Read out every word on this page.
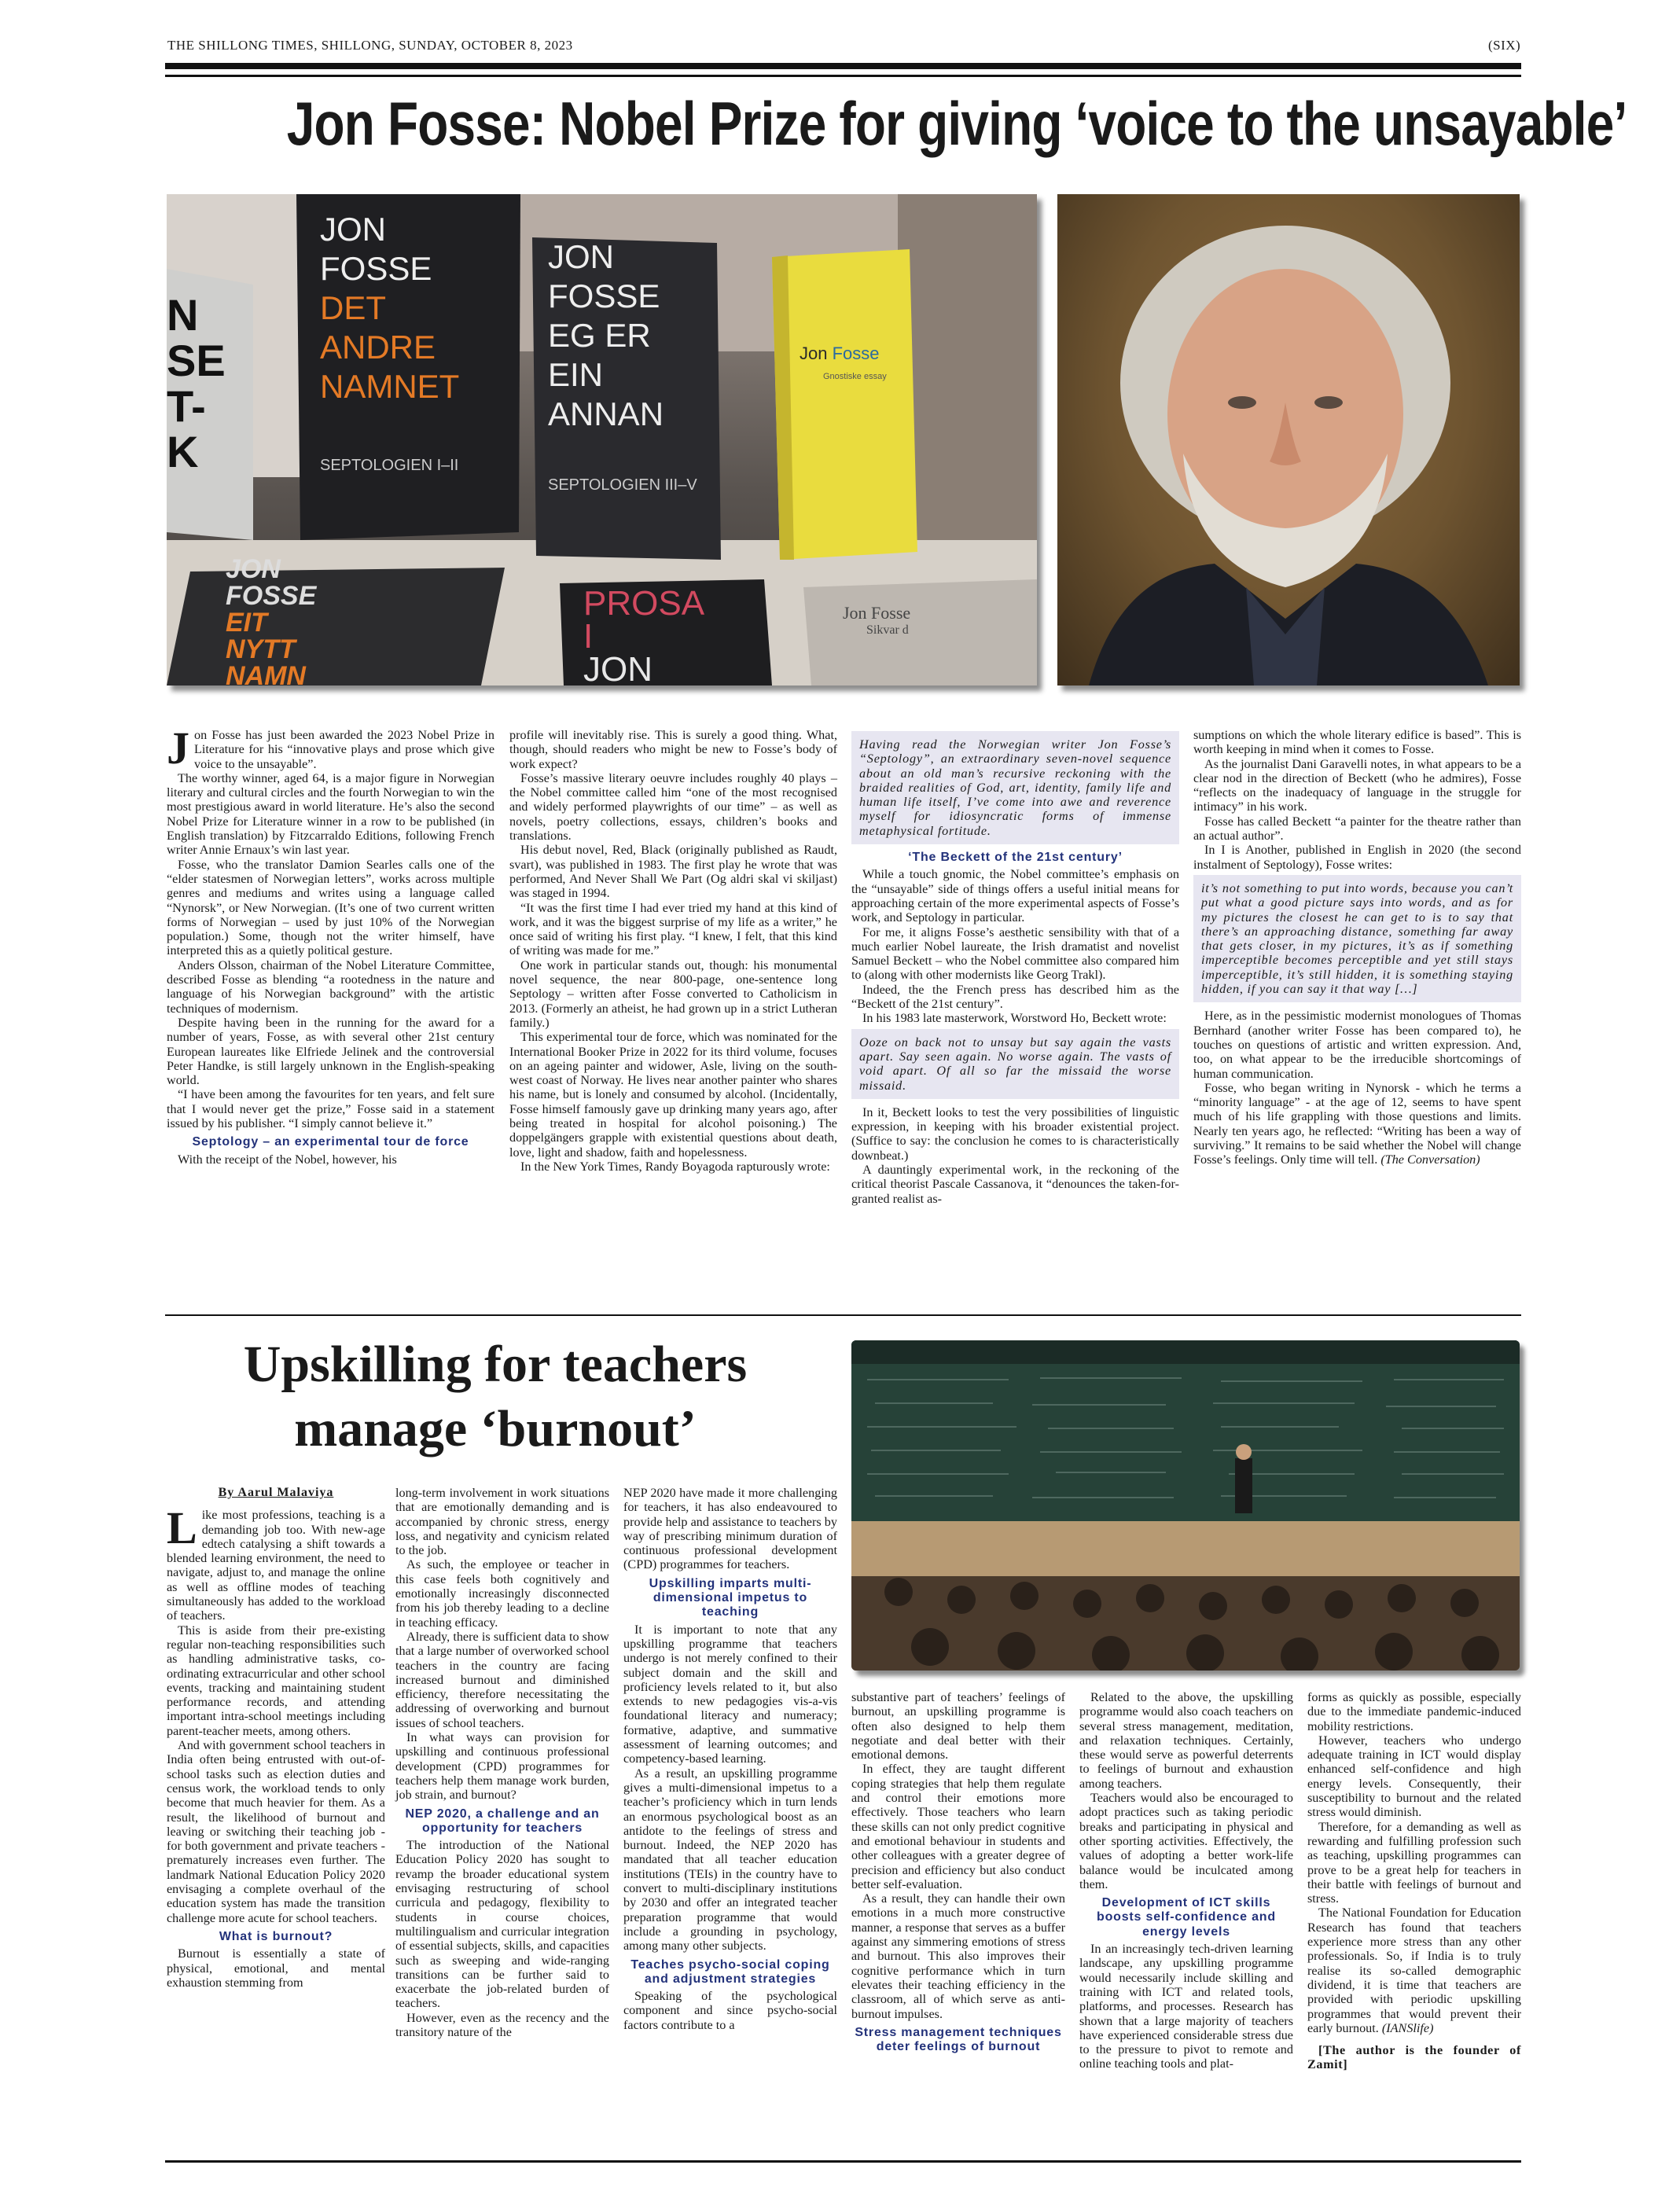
THE SHILLONG TIMES, SHILLONG, SUNDAY, OCTOBER 8, 2023	(SIX)
Jon Fosse: Nobel Prize for giving ‘voice to the unsayable’
N
SE
T-
K
JON
FOSSE
DET
ANDRE
NAMNET
SEPTOLOGIEN I–II
JON
FOSSE
EG ER
EIN
ANNAN
SEPTOLOGIEN III–V
Jon Fosse
Gnostiske essay
JON
FOSSE
EIT
NYTT
NAMN
PROSA
I
JON
Jon Fosse
Sikvar d

Jon Fosse has just been awarded the 2023 Nobel Prize in Literature for his “innovative plays and prose which give voice to the unsayable”.

The worthy winner, aged 64, is a major figure in Norwegian literary and cultural circles and the fourth Norwegian to win the most prestigious award in world literature. He’s also the second Nobel Prize for Literature winner in a row to be published (in English translation) by Fitzcarraldo Editions, following French writer Annie Ernaux’s win last year.

Fosse, who the translator Damion Searles calls one of the “elder statesmen of Norwegian letters”, works across multiple genres and mediums and writes using a language called “Nynorsk”, or New Norwegian. (It’s one of two current written forms of Norwegian – used by just 10% of the Norwegian population.) Some, though not the writer himself, have interpreted this as a quietly political gesture.

Anders Olsson, chairman of the Nobel Literature Committee, described Fosse as blending “a rootedness in the nature and language of his Norwegian background” with the artistic techniques of modernism.

Despite having been in the running for the award for a number of years, Fosse, as with several other 21st century European laureates like Elfriede Jelinek and the controversial Peter Handke, is still largely unknown in the English-speaking world.

“I have been among the favourites for ten years, and felt sure that I would never get the prize,” Fosse said in a statement issued by his publisher. “I simply cannot believe it.”

Septology – an experimental tour de force

With the receipt of the Nobel, however, his

profile will inevitably rise. This is surely a good thing. What, though, should readers who might be new to Fosse’s body of work expect?

Fosse’s massive literary oeuvre includes roughly 40 plays – the Nobel committee called him “one of the most recognised and widely performed playwrights of our time” – as well as novels, poetry collections, essays, children’s books and translations.

His debut novel, Red, Black (originally published as Raudt, svart), was published in 1983. The first play he wrote that was performed, And Never Shall We Part (Og aldri skal vi skiljast) was staged in 1994.

“It was the first time I had ever tried my hand at this kind of work, and it was the biggest surprise of my life as a writer,” he once said of writing his first play. “I knew, I felt, that this kind of writing was made for me.”

One work in particular stands out, though: his monumental novel sequence, the near 800-page, one-sentence long Septology – written after Fosse converted to Catholicism in 2013. (Formerly an atheist, he had grown up in a strict Lutheran family.)

This experimental tour de force, which was nominated for the International Booker Prize in 2022 for its third volume, focuses on an ageing painter and widower, Asle, living on the south-west coast of Norway. He lives near another painter who shares his name, but is lonely and consumed by alcohol. (Incidentally, Fosse himself famously gave up drinking many years ago, after being treated in hospital for alcohol poisoning.) The doppelgängers grapple with existential questions about death, love, light and shadow, faith and hopelessness.

In the New York Times, Randy Boyagoda rapturously wrote:

Having read the Norwegian writer Jon Fosse’s “Septology”, an extraordinary seven-novel sequence about an old man’s recursive reckoning with the braided realities of God, art, identity, family life and human life itself, I’ve come into awe and reverence myself for idiosyncratic forms of immense metaphysical fortitude.
‘The Beckett of the 21st century’

While a touch gnomic, the Nobel committee’s emphasis on the “unsayable” side of things offers a useful initial means for approaching certain of the more experimental aspects of Fosse’s work, and Septology in particular.

For me, it aligns Fosse’s aesthetic sensibility with that of a much earlier Nobel laureate, the Irish dramatist and novelist Samuel Beckett – who the Nobel committee also compared him to (along with other modernists like Georg Trakl).

Indeed, the the French press has described him as the “Beckett of the 21st century”.

In his 1983 late masterwork, Worstword Ho, Beckett wrote:

Ooze on back not to unsay but say again the vasts apart. Say seen again. No worse again. The vasts of void apart. Of all so far the missaid the worse missaid.

In it, Beckett looks to test the very possibilities of linguistic expression, in keeping with his broader existential project. (Suffice to say: the conclusion he comes to is characteristically downbeat.)

A dauntingly experimental work, in the reckoning of the critical theorist Pascale Cassanova, it “denounces the taken-for-granted realist as-

sumptions on which the whole literary edifice is based”. This is worth keeping in mind when it comes to Fosse.

As the journalist Dani Garavelli notes, in what appears to be a clear nod in the direction of Beckett (who he admires), Fosse “reflects on the inadequacy of language in the struggle for intimacy” in his work.

Fosse has called Beckett “a painter for the theatre rather than an actual author”.

In I is Another, published in English in 2020 (the second instalment of Septology), Fosse writes:

it’s not something to put into words, because you can’t put what a good picture says into words, and as for my pictures the closest he can get to is to say that there’s an approaching distance, something far away that gets closer, in my pictures, it’s as if something imperceptible becomes perceptible and yet still stays imperceptible, it’s still hidden, it is something staying hidden, if you can say it that way […]

Here, as in the pessimistic modernist monologues of Thomas Bernhard (another writer Fosse has been compared to), he touches on questions of artistic and written expression. And, too, on what appear to be the irreducible shortcomings of human communication.

Fosse, who began writing in Nynorsk - which he terms a “minority language” - at the age of 12, seems to have spent much of his life grappling with those questions and limits. Nearly ten years ago, he reflected: “Writing has been a way of surviving.” It remains to be said whether the Nobel will change Fosse’s feelings. Only time will tell. (The Conversation)

Upskilling for teachers
manage ‘burnout’
By Aarul Malaviya

Like most professions, teaching is a demanding job too. With new-age edtech catalysing a shift towards a blended learning environment, the need to navigate, adjust to, and manage the online as well as offline modes of teaching simultaneously has added to the workload of teachers.

This is aside from their pre-existing regular non-teaching responsibilities such as handling administrative tasks, co-ordinating extracurricular and other school events, tracking and maintaining student performance records, and attending important intra-school meetings including parent-teacher meets, among others.

And with government school teachers in India often being entrusted with out-of-school tasks such as election duties and census work, the workload tends to only become that much heavier for them. As a result, the likelihood of burnout and leaving or switching their teaching job - for both government and private teachers - prematurely increases even further. The landmark National Education Policy 2020 envisaging a complete overhaul of the education system has made the transition challenge more acute for school teachers.

What is burnout?

Burnout is essentially a state of physical, emotional, and mental exhaustion stemming from

long-term involvement in work situations that are emotionally demanding and is accompanied by chronic stress, energy loss, and negativity and cynicism related to the job.

As such, the employee or teacher in this case feels both cognitively and emotionally increasingly disconnected from his job thereby leading to a decline in teaching efficacy.

Already, there is sufficient data to show that a large number of overworked school teachers in the country are facing increased burnout and diminished efficiency, therefore necessitating the addressing of overworking and burnout issues of school teachers.

In what ways can provision for upskilling and continuous professional development (CPD) programmes for teachers help them manage work burden, job strain, and burnout?

NEP 2020, a challenge and an opportunity for teachers

The introduction of the National Education Policy 2020 has sought to revamp the broader educational system envisaging restructuring of school curricula and pedagogy, flexibility to students in course choices, multilingualism and curricular integration of essential subjects, skills, and capacities such as sweeping and wide-ranging transitions can be further said to exacerbate the job-related burden of teachers.

However, even as the recency and the transitory nature of the

NEP 2020 have made it more challenging for teachers, it has also endeavoured to provide help and assistance to teachers by way of prescribing minimum duration of continuous professional development (CPD) programmes for teachers.

Upskilling imparts multi-dimensional impetus to teaching

It is important to note that any upskilling programme that teachers undergo is not merely confined to their subject domain and the skill and proficiency levels related to it, but also extends to new pedagogies vis-a-vis foundational literacy and numeracy; formative, adaptive, and summative assessment of learning outcomes; and competency-based learning.

As a result, an upskilling programme gives a multi-dimensional impetus to a teacher’s proficiency which in turn lends an enormous psychological boost as an antidote to the feelings of stress and burnout. Indeed, the NEP 2020 has mandated that all teacher education institutions (TEIs) in the country have to convert to multi-disciplinary institutions by 2030 and offer an integrated teacher preparation programme that would include a grounding in psychology, among many other subjects.

Teaches psycho-social coping and adjustment strategies

Speaking of the psychological component and since psycho-social factors contribute to a

substantive part of teachers’ feelings of burnout, an upskilling programme is often also designed to help them negotiate and deal better with their emotional demons.

In effect, they are taught different coping strategies that help them regulate and control their emotions more effectively. Those teachers who learn these skills can not only predict cognitive and emotional behaviour in students and other colleagues with a greater degree of precision and efficiency but also conduct better self-evaluation.

As a result, they can handle their own emotions in a much more constructive manner, a response that serves as a buffer against any simmering emotions of stress and burnout. This also improves their cognitive performance which in turn elevates their teaching efficiency in the classroom, all of which serve as anti-burnout impulses.

Stress management techniques deter feelings of burnout

Related to the above, the upskilling programme would also coach teachers on several stress management, meditation, and relaxation techniques. Certainly, these would serve as powerful deterrents to feelings of burnout and exhaustion among teachers.

Teachers would also be encouraged to adopt practices such as taking periodic breaks and participating in physical and other sporting activities. Effectively, the values of adopting a better work-life balance would be inculcated among them.

Development of ICT skills boosts self-confidence and energy levels

In an increasingly tech-driven learning landscape, any upskilling programme would necessarily include skilling and training with ICT and related tools, platforms, and processes. Research has shown that a large majority of teachers have experienced considerable stress due to the pressure to pivot to remote and online teaching tools and plat-

forms as quickly as possible, especially due to the immediate pandemic-induced mobility restrictions.

However, teachers who undergo adequate training in ICT would display enhanced self-confidence and high energy levels. Consequently, their susceptibility to burnout and the related stress would diminish.

Therefore, for a demanding as well as rewarding and fulfilling profession such as teaching, upskilling programmes can prove to be a great help for teachers in their battle with feelings of burnout and stress.

The National Foundation for Education Research has found that teachers experience more stress than any other professionals. So, if India is to truly realise its so-called demographic dividend, it is time that teachers are provided with periodic upskilling programmes that would prevent their early burnout. (IANSlife)

[The author is the founder of Zamit]
